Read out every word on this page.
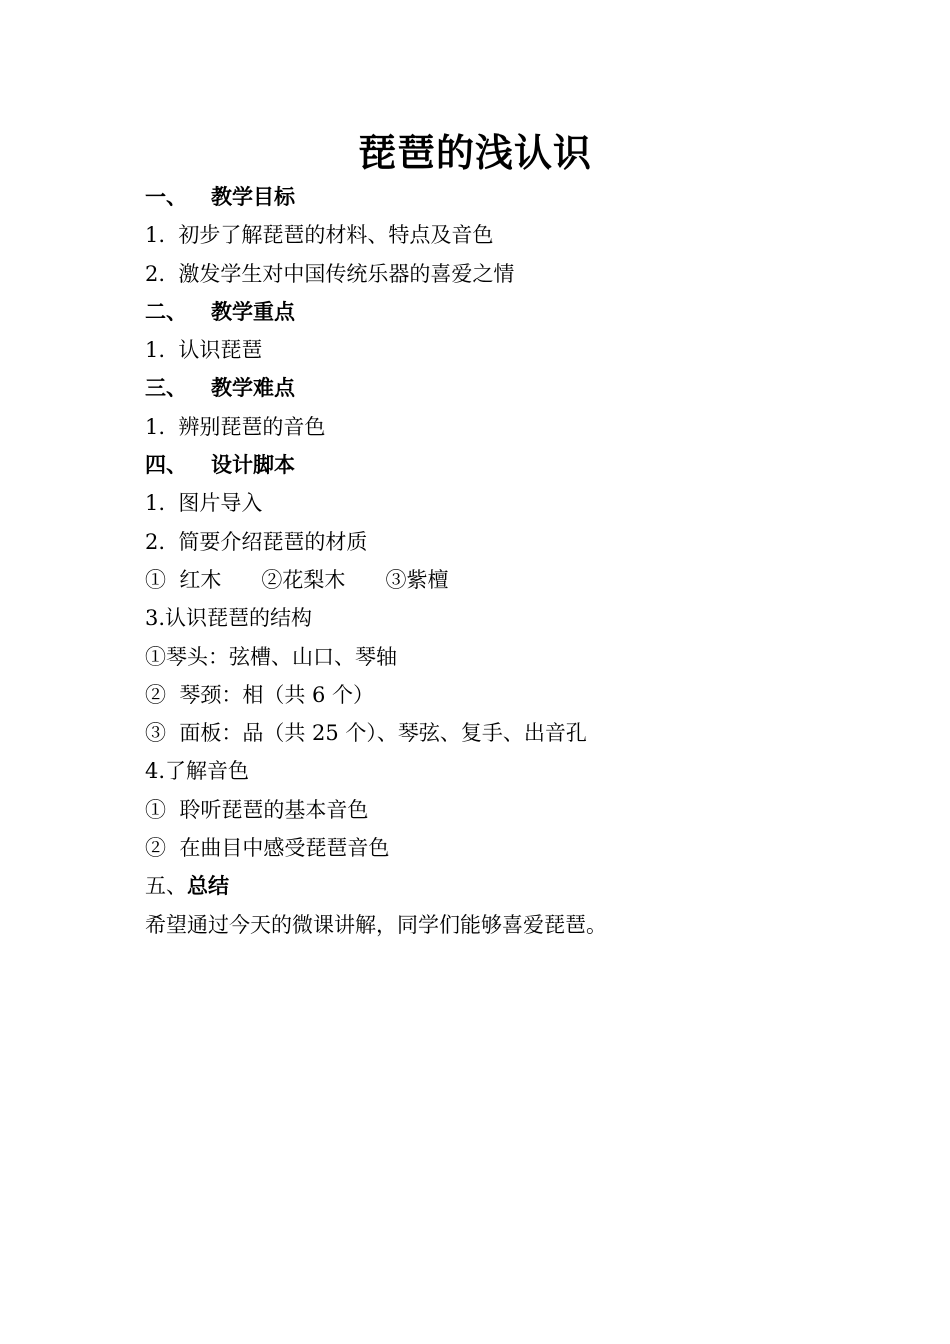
琵琶的浅认识
一、 教学目标
1.  初步了解琵琶的材料、特点及音色
2.  激发学生对中国传统乐器的喜爱之情
二、 教学重点
1.  认识琵琶
三、 教学难点
1.  辨别琵琶的音色
四、 设计脚本
1.  图片导入
2.  简要介绍琵琶的材质
①  红木      ②花梨木      ③紫檀
3.认识琵琶的结构
①琴头：弦槽、山口、琴轴
②  琴颈：相（共 6 个）
③  面板：品（共 25 个）、琴弦、复手、出音孔
4.了解音色
①  聆听琵琶的基本音色
②  在曲目中感受琵琶音色
五、总结
希望通过今天的微课讲解，同学们能够喜爱琵琶。
